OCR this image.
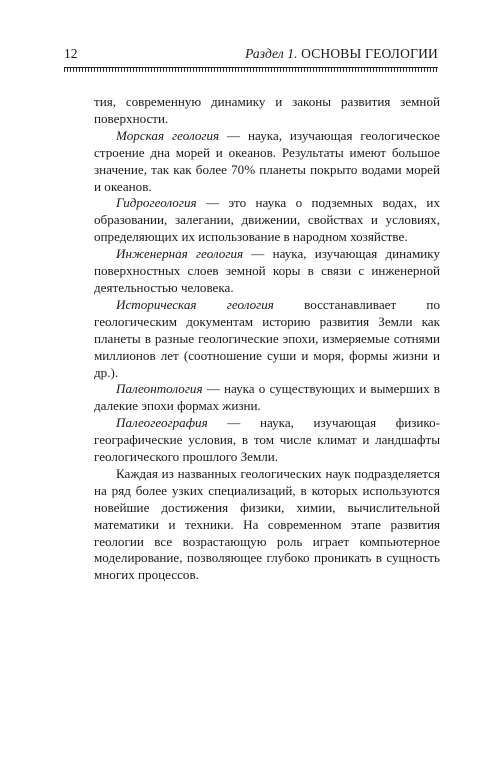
12	Раздел 1. ОСНОВЫ ГЕОЛОГИИ

тия, современную динамику и законы развития земной поверхности.

Морская геология — наука, изучающая геологическое строение дна морей и океанов. Результаты имеют большое значение, так как более 70% планеты покрыто водами морей и океанов.

Гидрогеология — это наука о подземных водах, их образовании, залегании, движении, свойствах и условиях, определяющих их использование в народном хозяйстве.

Инженерная геология — наука, изучающая динамику поверхностных слоев земной коры в связи с инженерной деятельностью человека.

Историческая геология восстанавливает по геологическим документам историю развития Земли как планеты в разные геологические эпохи, измеряемые сотнями миллионов лет (соотношение суши и моря, формы жизни и др.).

Палеонтология — наука о существующих и вымерших в далекие эпохи формах жизни.

Палеогеография — наука, изучающая физико-географические условия, в том числе климат и ландшафты геологического прошлого Земли.

Каждая из названных геологических наук подразделяется на ряд более узких специализаций, в которых используются новейшие достижения физики, химии, вычислительной математики и техники. На современном этапе развития геологии все возрастающую роль играет компьютерное моделирование, позволяющее глубоко проникать в сущность многих процессов.
